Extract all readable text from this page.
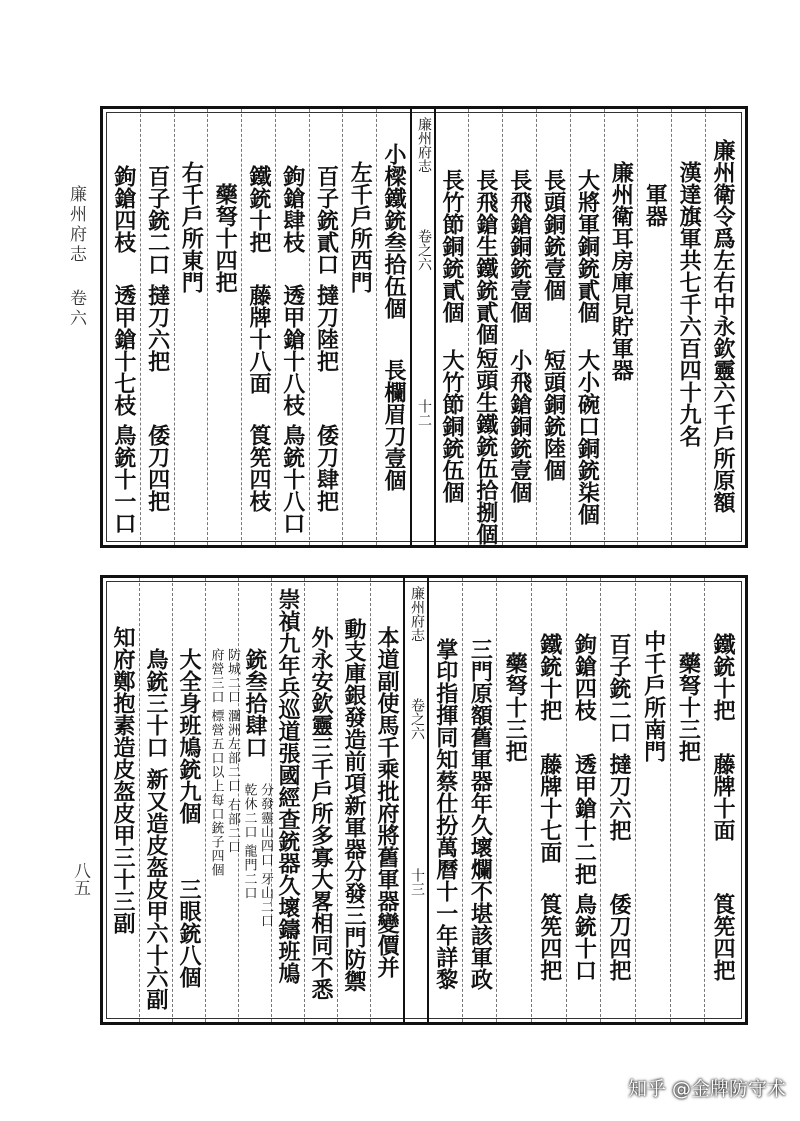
廉州府志 卷六
八五
廉州衛令爲左右中永欽靈六千戶所原額
漢達旗軍共七千六百四十九名
軍器
廉州衛耳房庫見貯軍器
大將軍銅銃貳個
大小碗口銅銃柒個
長頭銅銃壹個
短頭銅銃陸個
長飛鎗銅銃壹個
小飛鎗銅銃壹個
長飛鎗生鐵銃貳個
短頭生鐵銃伍拾捌個
長竹節銅銃貳個
大竹節銅銃伍個
小樑鐵銃叁拾伍個
長欄眉刀壹個
左千戶所西門
百子銃貳口
撻刀陸把
倭刀肆把
鉤鎗肆枝
透甲鎗十八枝
鳥銃十八口
鐵銃十把
藤牌十八面
筤筅四枝
藥弩十四把
右千戶所東門
百子銃二口
撻刀六把
倭刀四把
鉤鎗四枝
透甲鎗十七枝
鳥銃十一口
廉州府志
卷之六
十二
鐵銃十把
藤牌十面
筤筅四把
藥弩十三把
中千戶所南門
百子銃二口
撻刀六把
倭刀四把
鉤鎗四枝
透甲鎗十二把
鳥銃十口
鐵銃十把
藤牌十七面
筤筅四把
藥弩十三把
三門原額舊軍器年久壞爛不堪該軍政
掌印指揮同知蔡仕扮萬曆十一年詳黎
本道副使馬千乘批府將舊軍器變價并
動支庫銀發造前項新軍器分發三門防禦
外永安欽靈三千戶所多寡大畧相同不悉
崇禎九年兵巡道張國經查銃器久壞鑄班鳩
銃叁拾肆口
分發靈山四口 牙山二口
乾休二口 龍門二口
防城二口 潿洲左部二口 右部二口
府營三口 標營五口以上每口銃子四個
大全身班鳩銃九個
三眼銃八個
鳥銃三十口
新又造皮盔皮甲六十六副
知府鄭抱素造皮盔皮甲三十三副
廉州府志
卷之六
十三
知乎 @金牌防守术
